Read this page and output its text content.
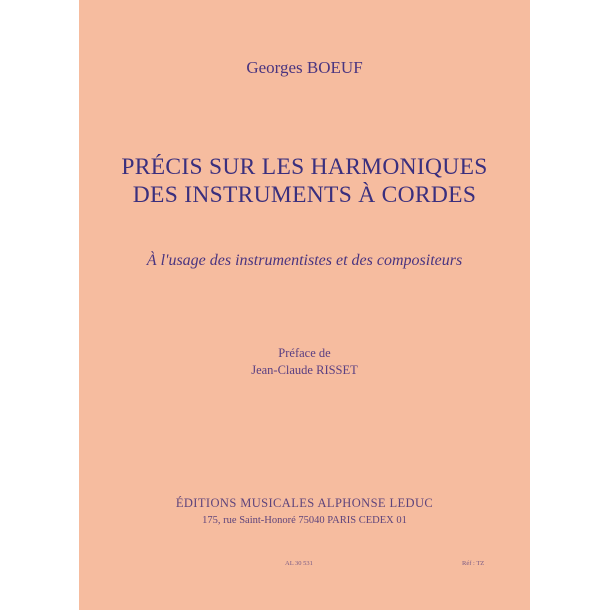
Georges BOEUF
PRÉCIS SUR LES HARMONIQUES
DES INSTRUMENTS À CORDES
À l'usage des instrumentistes et des compositeurs
Préface de
Jean-Claude RISSET
ÉDITIONS MUSICALES ALPHONSE LEDUC
175, rue Saint-Honoré 75040 PARIS CEDEX 01
AL 30 531	Réf : TZ
